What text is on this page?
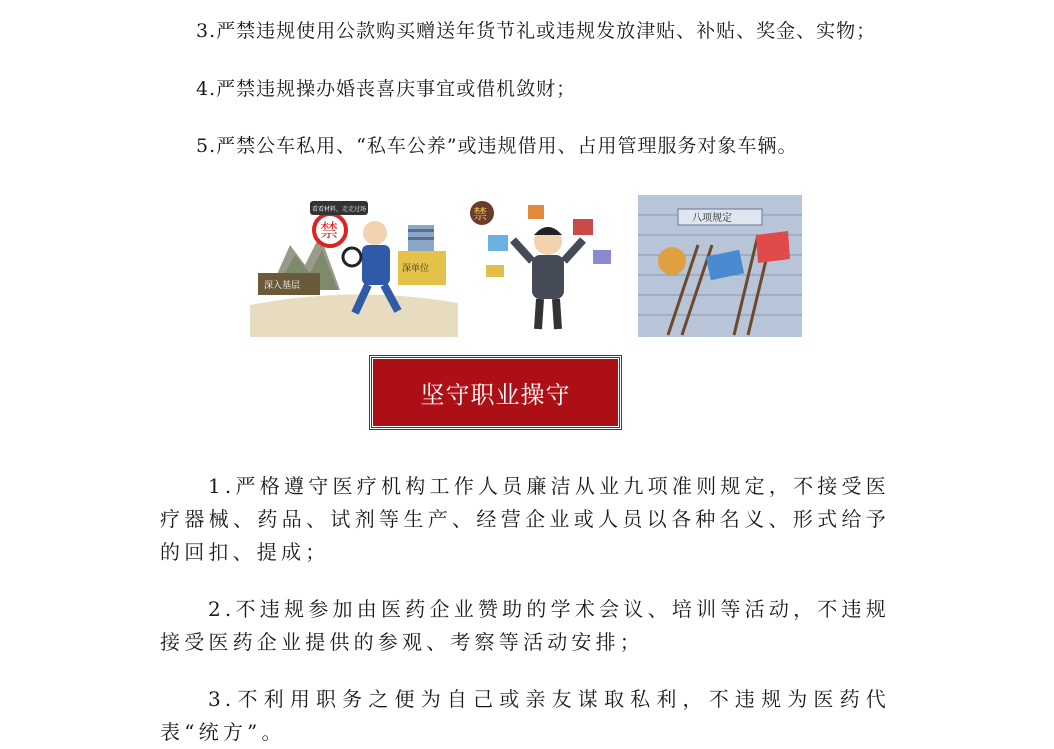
3.严禁违规使用公款购买赠送年货节礼或违规发放津贴、补贴、奖金、实物；

4.严禁违规操办婚丧喜庆事宜或借机敛财；

5.严禁公车私用、“私车公养”或违规借用、占用管理服务对象车辆。

深入基层
深单位
禁
看看材料，走走过场	禁	八项规定
坚守职业操守

1.严格遵守医疗机构工作人员廉洁从业九项准则规定，不接受医疗器械、药品、试剂等生产、经营企业或人员以各种名义、形式给予的回扣、提成；

2.不违规参加由医药企业赞助的学术会议、培训等活动，不违规接受医药企业提供的参观、考察等活动安排；

3.不利用职务之便为自己或亲友谋取私利，不违规为医药代表“统方”。
